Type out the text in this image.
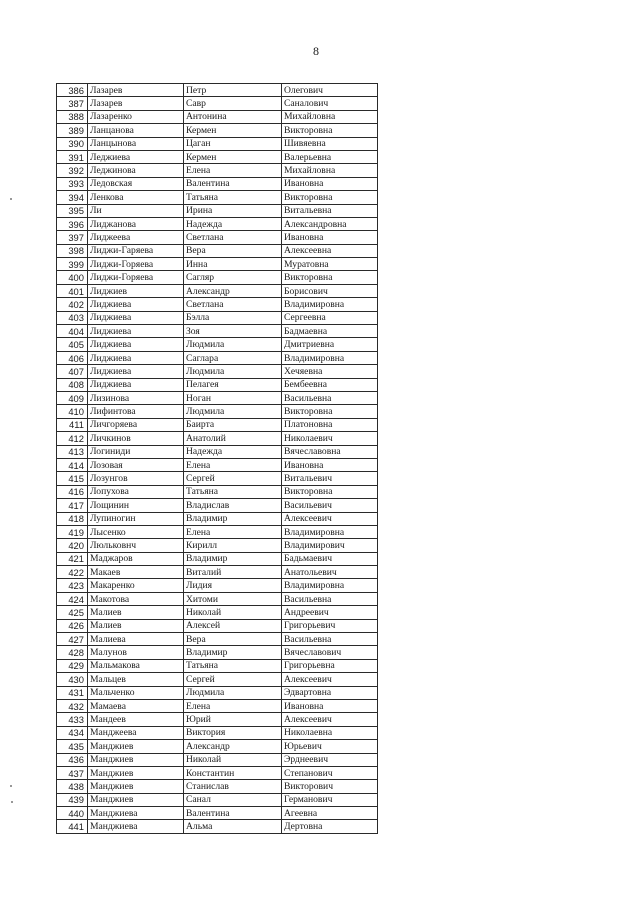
8
386	Лазарев	Петр	Олегович
387	Лазарев	Савр	Саналович
388	Лазаренко	Антонина	Михайловна
389	Ланцанова	Кермен	Викторовна
390	Ланцынова	Цаган	Шивяевна
391	Леджиева	Кермен	Валерьевна
392	Леджинова	Елена	Михайловна
393	Ледовская	Валентина	Ивановна
394	Ленкова	Татьяна	Викторовна
395	Ли	Ирина	Витальевна
396	Лиджанова	Надежда	Александровна
397	Лиджеева	Светлана	Ивановна
398	Лиджи-Гаряева	Вера	Алексеевна
399	Лиджи-Горяева	Инна	Муратовна
400	Лиджи-Горяева	Сагляр	Викторовна
401	Лиджиев	Александр	Борисович
402	Лиджиева	Светлана	Владимировна
403	Лиджиева	Бэлла	Сергеевна
404	Лиджиева	Зоя	Бадмаевна
405	Лиджиева	Людмила	Дмитриевна
406	Лиджиева	Саглара	Владимировна
407	Лиджиева	Людмила	Хечяевна
408	Лиджиева	Пелагея	Бембеевна
409	Лизинова	Ноган	Васильевна
410	Лифинтова	Людмила	Викторовна
411	Личгоряева	Баирта	Платоновна
412	Личкинов	Анатолий	Николаевич
413	Логиниди	Надежда	Вячеславовна
414	Лозовая	Елена	Ивановна
415	Лозунгов	Сергей	Витальевич
416	Лопухова	Татьяна	Викторовна
417	Лощинин	Владислав	Васильевич
418	Лупиногин	Владимир	Алексеевич
419	Лысенко	Елена	Владимировна
420	Люльковнч	Кирилл	Владимирович
421	Маджаров	Владимир	Бадьмаевич
422	Макаев	Виталий	Анатольевич
423	Макаренко	Лидия	Владимировна
424	Макотова	Хитоми	Васильевна
425	Малиев	Николай	Андреевич
426	Малиев	Алексей	Григорьевич
427	Малиева	Вера	Васильевна
428	Малунов	Владимир	Вячеславович
429	Мальмакова	Татьяна	Григорьевна
430	Мальцев	Сергей	Алексеевич
431	Мальченко	Людмила	Эдвартовна
432	Мамаева	Елена	Ивановна
433	Мандеев	Юрий	Алексеевич
434	Манджеева	Виктория	Николаевна
435	Манджиев	Александр	Юрьевич
436	Манджиев	Николай	Эрднеевич
437	Манджиев	Константин	Степанович
438	Манджиев	Станислав	Викторович
439	Манджиев	Санал	Германович
440	Манджиева	Валентина	Агеевна
441	Манджиева	Альма	Дертовна
